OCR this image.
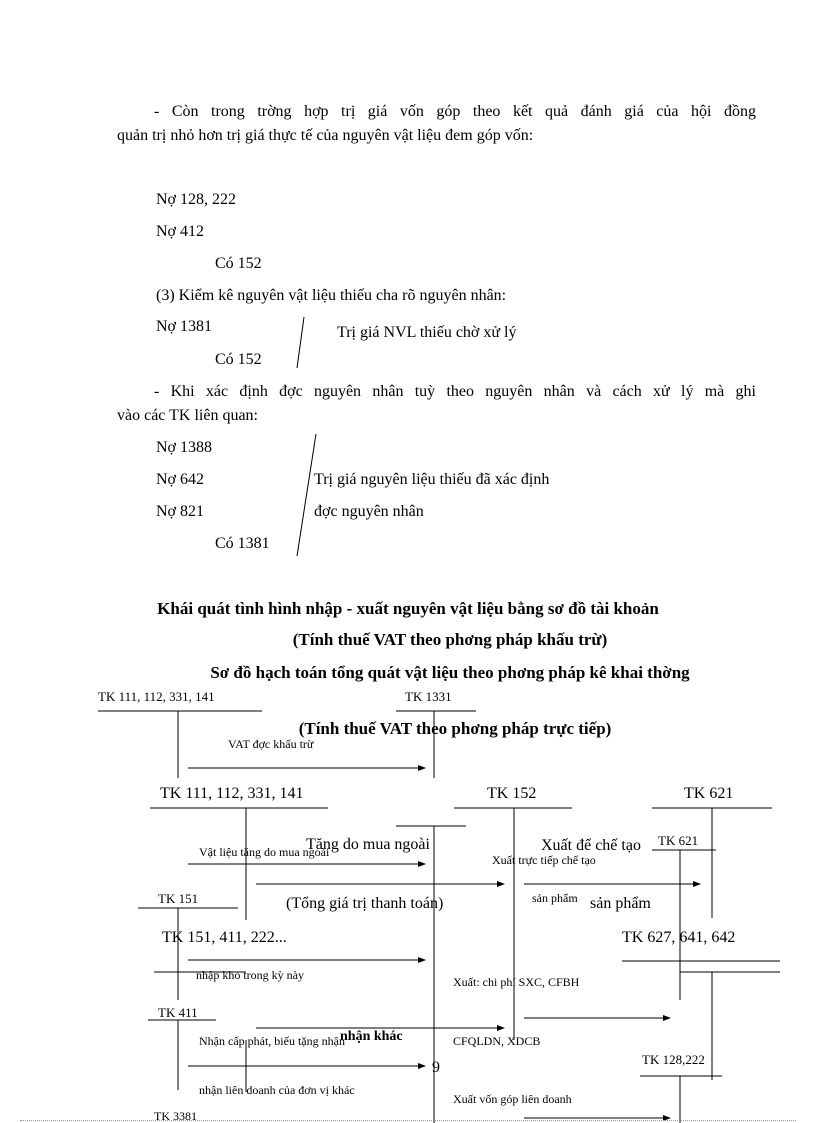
- Còn trong trờng hợp trị giá vốn góp theo kết quả đánh giá của hội đồng
quản trị nhỏ hơn trị giá thực tế của nguyên vật liệu đem góp vốn:
Nợ 128, 222
Nợ 412
Có 152
(3) Kiểm kê nguyên vật liệu thiếu cha rõ nguyên nhân:
Nợ 1381	Trị giá NVL thiếu chờ xử lý
Có 152
- Khi xác định đợc nguyên nhân tuỳ theo nguyên nhân và cách xử lý mà ghi
vào các TK liên quan:
Nợ 1388
Nợ 642	Trị giá nguyên liệu thiếu đã xác định
Nợ 821	đợc nguyên nhân
Có 1381
Khái quát tình hình nhập - xuất nguyên vật liệu bằng sơ đồ tài khoản
(Tính thuế VAT theo phơng pháp khấu trừ)
Sơ đồ hạch toán tổng quát vật liệu theo phơng pháp kê khai thờng
(Tính thuế VAT theo phơng pháp trực tiếp)
TK 111, 112, 331, 141	TK 1331
VAT đợc khấu trừ
TK 111, 112, 331, 141	TK 152	TK 621
Tăng do mua ngoài	Xuất để chế tạo TK 621
Vật liệu tăng do mua ngoài
Xuất trực tiếp chế tạo
TK 151	(Tổng giá trị thanh toán)	sản phẩm sản phẩm
TK 151, 411, 222...	TK 627, 641, 642
nhập kho trong kỳ này	Xuất: chi phí SXC, CFBH
TK 411
nhận khác
Nhận cấp phát, biếu tặng nhận	CFQLDN, XDCB
TK 128,222
9
nhận liên doanh của đơn vị khác
Xuất vốn góp liên doanh
TK 3381
